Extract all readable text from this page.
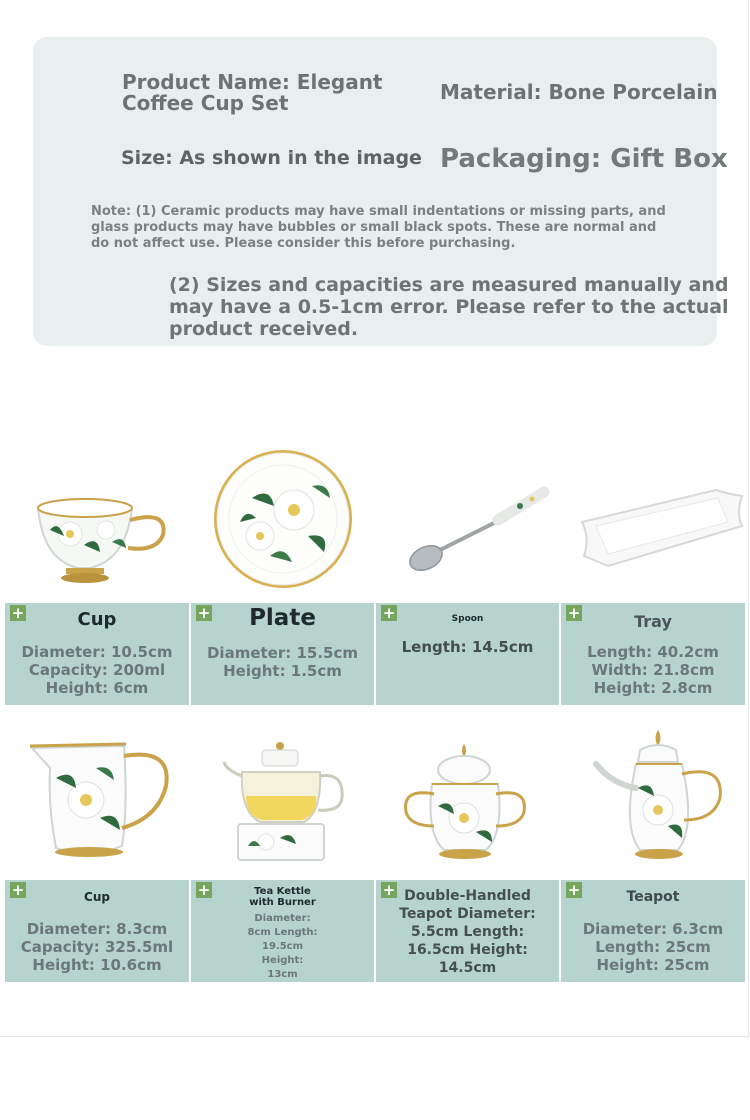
Product Name: Elegant Coffee Cup Set	Material: Bone Porcelain
Size: As shown in the image Packaging: Gift Box
Note: (1) Ceramic products may have small indentations or missing parts, and glass products may have bubbles or small black spots. These are normal and do not affect use. Please consider this before purchasing.
(2) Sizes and capacities are measured manually and may have a 0.5-1cm error. Please refer to the actual product received.
+	Cup
Diameter: 10.5cm
Capacity: 200ml
Height: 6cm
+	Plate
Diameter: 15.5cm
Height: 1.5cm
+	Spoon
Length: 14.5cm
+	Tray
Length: 40.2cm
Width: 21.8cm
Height: 2.8cm
+	Cup
Diameter: 8.3cm
Capacity: 325.5ml
Height: 10.6cm
+	Tea Kettle
with Burner
Diameter:
8cm Length:
19.5cm
Height:
13cm
+ Double-Handled
Teapot Diameter:
5.5cm Length:
16.5cm Height:
14.5cm
+	Teapot
Diameter: 6.3cm
Length: 25cm
Height: 25cm
